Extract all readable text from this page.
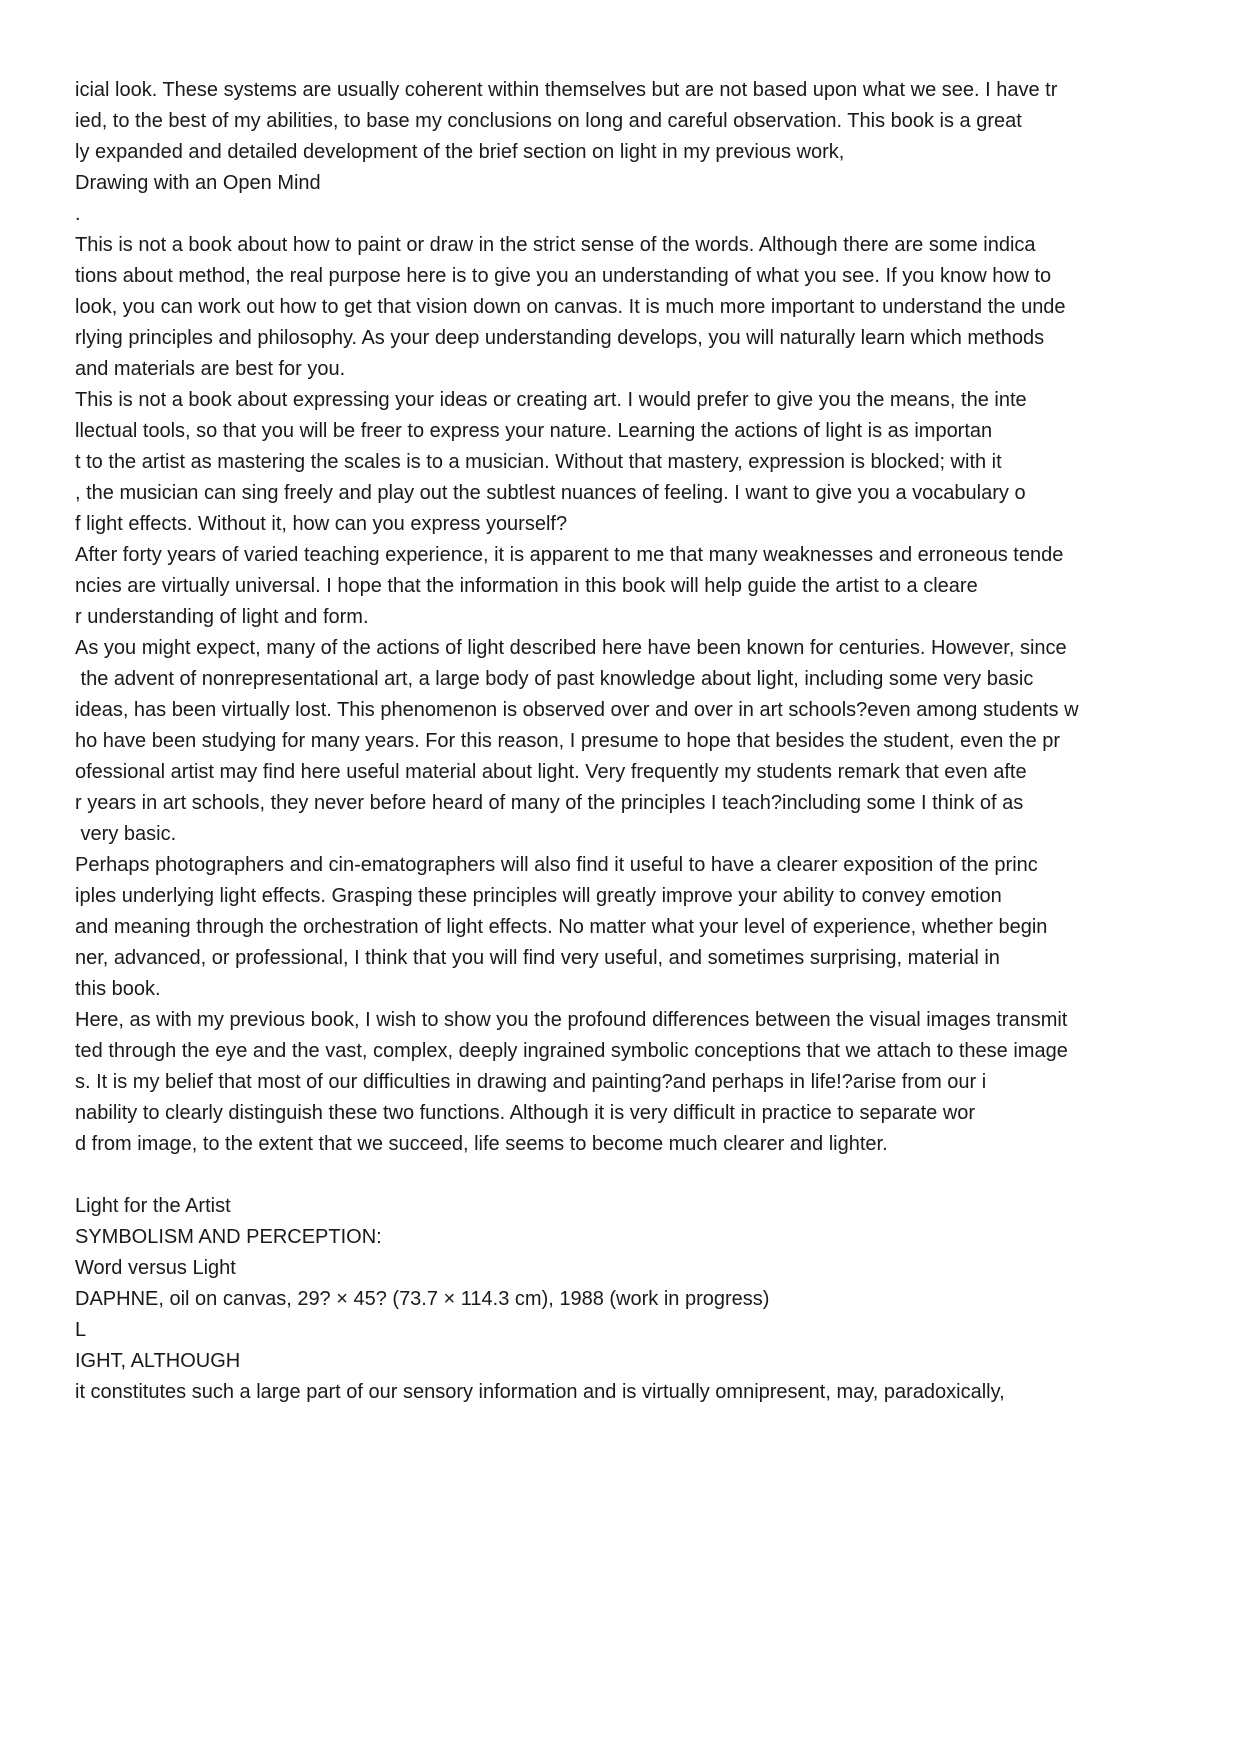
icial look. These systems are usually coherent within themselves but are not based upon what we see. I have tr
ied, to the best of my abilities, to base my conclusions on long and careful observation. This book is a great
ly expanded and detailed development of the brief section on light in my previous work,
Drawing with an Open Mind
.
This is not a book about how to paint or draw in the strict sense of the words. Although there are some indica
tions about method, the real purpose here is to give you an understanding of what you see. If you know how to
look, you can work out how to get that vision down on canvas. It is much more important to understand the unde
rlying principles and philosophy. As your deep understanding develops, you will naturally learn which methods
and materials are best for you.
This is not a book about expressing your ideas or creating art. I would prefer to give you the means, the inte
llectual tools, so that you will be freer to express your nature. Learning the actions of light is as importan
t to the artist as mastering the scales is to a musician. Without that mastery, expression is blocked; with it
, the musician can sing freely and play out the subtlest nuances of feeling. I want to give you a vocabulary o
f light effects. Without it, how can you express yourself?
After forty years of varied teaching experience, it is apparent to me that many weaknesses and erroneous tende
ncies are virtually universal. I hope that the information in this book will help guide the artist to a cleare
r understanding of light and form.
As you might expect, many of the actions of light described here have been known for centuries. However, since
the advent of nonrepresentational art, a large body of past knowledge about light, including some very basic
ideas, has been virtually lost. This phenomenon is observed over and over in art schools?even among students w
ho have been studying for many years. For this reason, I presume to hope that besides the student, even the pr
ofessional artist may find here useful material about light. Very frequently my students remark that even afte
r years in art schools, they never before heard of many of the principles I teach?including some I think of as
very basic.
Perhaps photographers and cin-ematographers will also find it useful to have a clearer exposition of the princ
iples underlying light effects. Grasping these principles will greatly improve your ability to convey emotion
and meaning through the orchestration of light effects. No matter what your level of experience, whether begin
ner, advanced, or professional, I think that you will find very useful, and sometimes surprising, material in
this book.
Here, as with my previous book, I wish to show you the profound differences between the visual images transmit
ted through the eye and the vast, complex, deeply ingrained symbolic conceptions that we attach to these image
s. It is my belief that most of our difficulties in drawing and painting?and perhaps in life!?arise from our i
nability to clearly distinguish these two functions. Although it is very difficult in practice to separate wor
d from image, to the extent that we succeed, life seems to become much clearer and lighter.
Light for the Artist
SYMBOLISM AND PERCEPTION:
Word versus Light
DAPHNE, oil on canvas, 29? × 45? (73.7 × 114.3 cm), 1988 (work in progress)
L
IGHT, ALTHOUGH
it constitutes such a large part of our sensory information and is virtually omnipresent, may, paradoxically,
